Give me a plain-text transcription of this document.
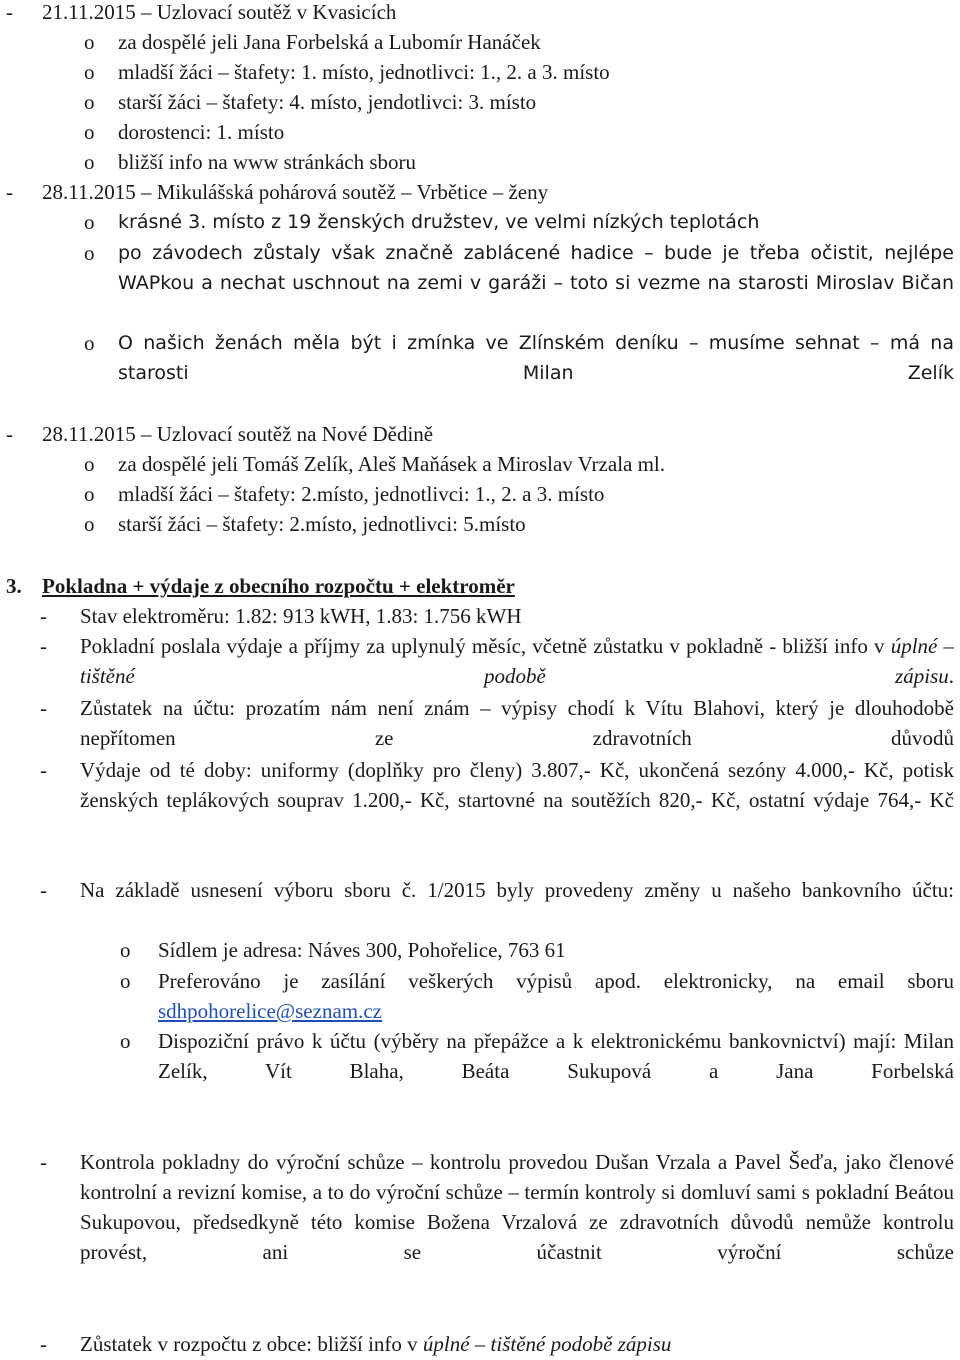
- 21.11.2015 – Uzlovací soutěž v Kvasicích
o za dospělé jeli Jana Forbelská a Lubomír Hanáček
o mladší žáci – štafety: 1. místo, jednotlivci: 1., 2. a 3. místo
o starší žáci – štafety: 4. místo, jendotlivci: 3. místo
o dorostenci: 1. místo
o bližší info na www stránkách sboru
- 28.11.2015 – Mikulášská pohárová soutěž – Vrbětice – ženy
o krásné 3. místo z 19 ženských družstev, ve velmi nízkých teplotách
o po závodech zůstaly však značně zablácené hadice – bude je třeba očistit, nejlépe WAPkou a nechat uschnout na zemi v garáži – toto si vezme na starosti Miroslav Bičan
o O našich ženách měla být i zmínka ve Zlínském deníku – musíme sehnat – má na starosti Milan Zelík
- 28.11.2015 – Uzlovací soutěž na Nové Dědině
o za dospělé jeli Tomáš Zelík, Aleš Maňásek a Miroslav Vrzala ml.
o mladší žáci – štafety: 2.místo, jednotlivci: 1., 2. a 3. místo
o starší žáci – štafety: 2.místo, jednotlivci: 5.místo
3. Pokladna + výdaje z obecního rozpočtu + elektroměr
- Stav elektroměru: 1.82: 913 kWH, 1.83: 1.756 kWH
- Pokladní poslala výdaje a příjmy za uplynulý měsíc, včetně zůstatku v pokladně - bližší info v úplné – tištěné podobě zápisu.
- Zůstatek na účtu: prozatím nám není znám – výpisy chodí k Vítu Blahovi, který je dlouhodobě nepřítomen ze zdravotních důvodů
- Výdaje od té doby: uniformy (doplňky pro členy) 3.807,- Kč, ukončená sezóny 4.000,- Kč, potisk ženských teplákových souprav 1.200,- Kč, startovné na soutěžích 820,- Kč, ostatní výdaje 764,- Kč
- Na základě usnesení výboru sboru č. 1/2015 byly provedeny změny u našeho bankovního účtu:
o Sídlem je adresa: Náves 300, Pohořelice, 763 61
o Preferováno je zasílání veškerých výpisů apod. elektronicky, na email sboru sdhpohorelice@seznam.cz
o Dispoziční právo k účtu (výběry na přepážce a k elektronickému bankovnictví) mají: Milan Zelík, Vít Blaha, Beáta Sukupová a Jana Forbelská
- Kontrola pokladny do výroční schůze – kontrolu provedou Dušan Vrzala a Pavel Šeďa, jako členové kontrolní a revizní komise, a to do výroční schůze – termín kontroly si domluví sami s pokladní Beátou Sukupovou, předsedkyně této komise Božena Vrzalová ze zdravotních důvodů nemůže kontrolu provést, ani se účastnit výroční schůze
- Zůstatek v rozpočtu z obce: bližší info v úplné – tištěné podobě zápisu
